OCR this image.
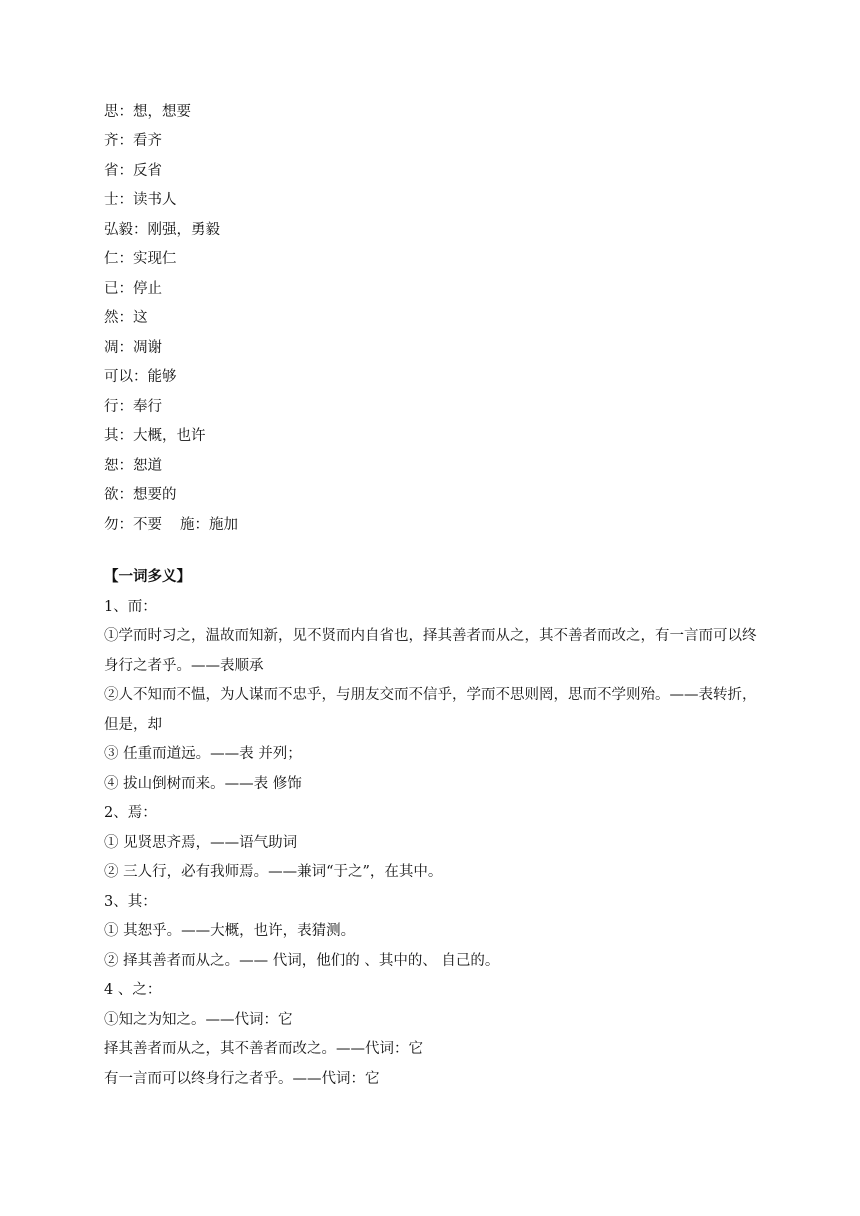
思：想，想要
齐：看齐
省：反省
士：读书人
弘毅：刚强，勇毅
仁：实现仁
已：停止
然：这
凋：凋谢
可以：能够
行：奉行
其：大概，也许
恕：恕道
欲：想要的
勿：不要 施：施加
【一词多义】
1、而：
①学而时习之，温故而知新，见不贤而内自省也，择其善者而从之，其不善者而改之，有一言而可以终
身行之者乎。——表顺承
②人不知而不愠，为人谋而不忠乎，与朋友交而不信乎，学而不思则罔，思而不学则殆。——表转折，
但是，却
③ 任重而道远。——表 并列；
④ 拔山倒树而来。——表 修饰
2、焉：
① 见贤思齐焉，——语气助词
② 三人行，必有我师焉。——兼词“于之”，在其中。
3、其：
① 其恕乎。——大概，也许，表猜测。
② 择其善者而从之。—— 代词，他们的 、其中的、 自己的。
4 、之：
①知之为知之。——代词：它
择其善者而从之，其不善者而改之。——代词：它
有一言而可以终身行之者乎。——代词：它
